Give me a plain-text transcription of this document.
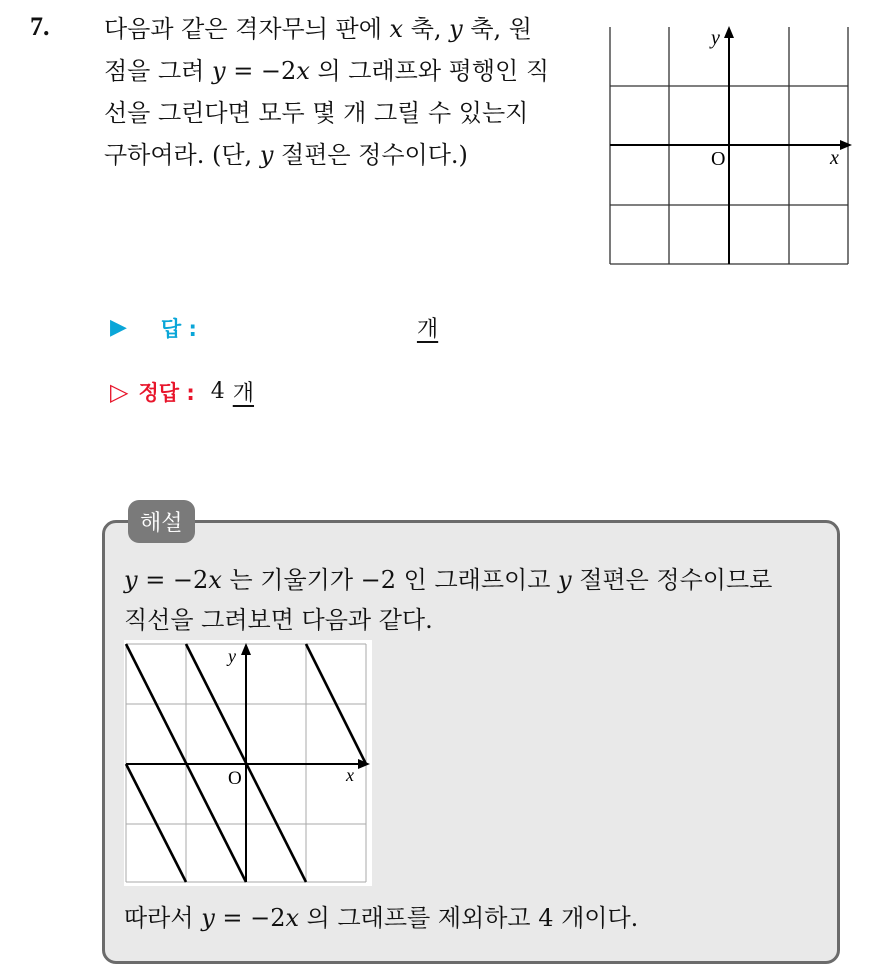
7. 다음과 같은 격자무늬 판에 x 축, y 축, 원
점을 그려 y = −2x 의 그래프와 평행인 직
선을 그린다면 모두 몇 개 그릴 수 있는지
구하여라. (단, y 절편은 정수이다.)
y
x
O
▶ 답 :	개
▷ 정답 : 4 개
해설
y = −2x 는 기울기가 −2 인 그래프이고 y 절편은 정수이므로
직선을 그려보면 다음과 같다.
y
x
O
따라서 y = −2x 의 그래프를 제외하고 4 개이다.
